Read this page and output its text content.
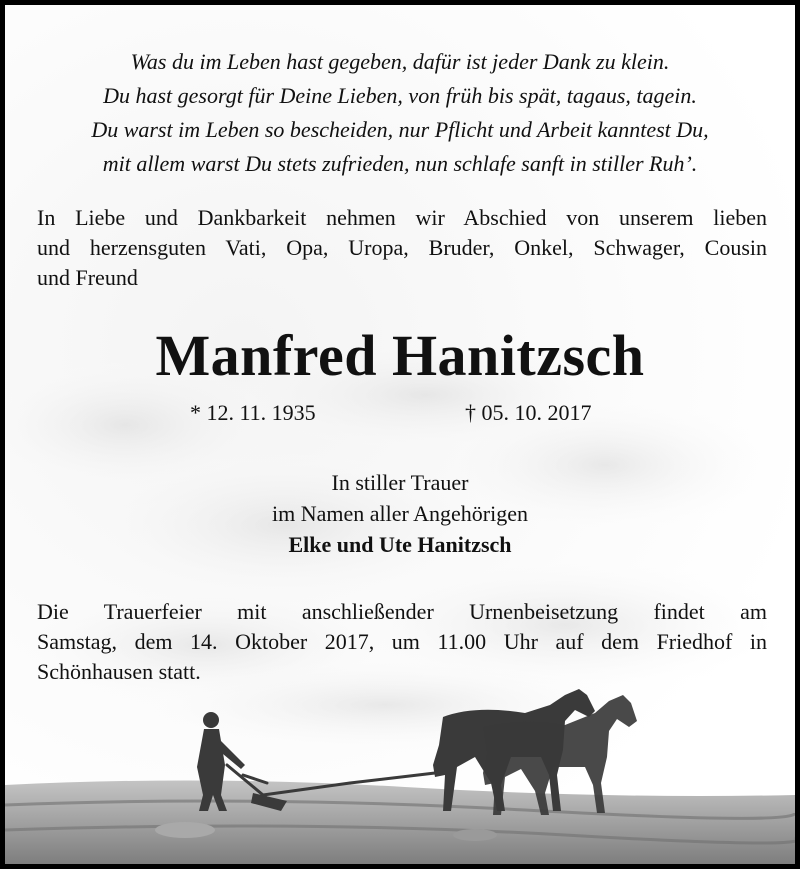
Was du im Leben hast gegeben, dafür ist jeder Dank zu klein.
Du hast gesorgt für Deine Lieben, von früh bis spät, tagaus, tagein.
Du warst im Leben so bescheiden, nur Pflicht und Arbeit kanntest Du,
mit allem warst Du stets zufrieden, nun schlafe sanft in stiller Ruh’.
In Liebe und Dankbarkeit nehmen wir Abschied von unserem lieben
und herzensguten Vati, Opa, Uropa, Bruder, Onkel, Schwager, Cousin
und Freund
Manfred Hanitzsch
* 12. 11. 1935	† 05. 10. 2017
In stiller Trauer
im Namen aller Angehörigen
Elke und Ute Hanitzsch
Die Trauerfeier mit anschließender Urnenbeisetzung findet am
Samstag, dem 14. Oktober 2017, um 11.00 Uhr auf dem Friedhof in
Schönhausen statt.
